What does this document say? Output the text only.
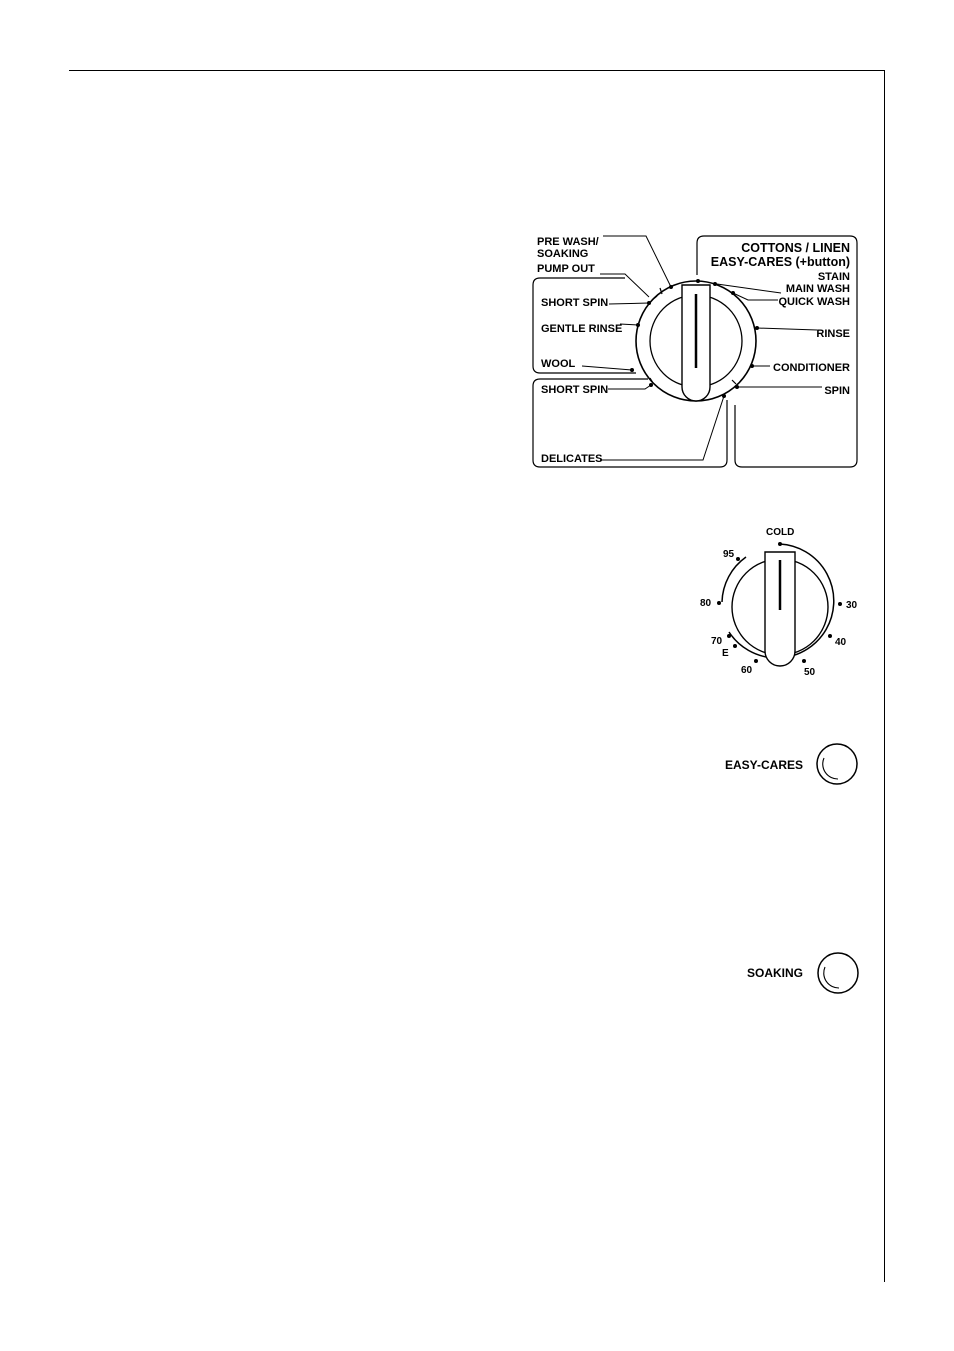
COTTONS / LINEN
EASY-CARES (+button)
STAIN
MAIN WASH
QUICK WASH
RINSE
CONDITIONER
SPIN
PRE WASH/
SOAKING
PUMP OUT
SHORT SPIN
GENTLE RINSE
WOOL
SHORT SPIN
DELICATES
COLD
95
80
70
E
60	50
40
30
EASY-CARES
SOAKING
